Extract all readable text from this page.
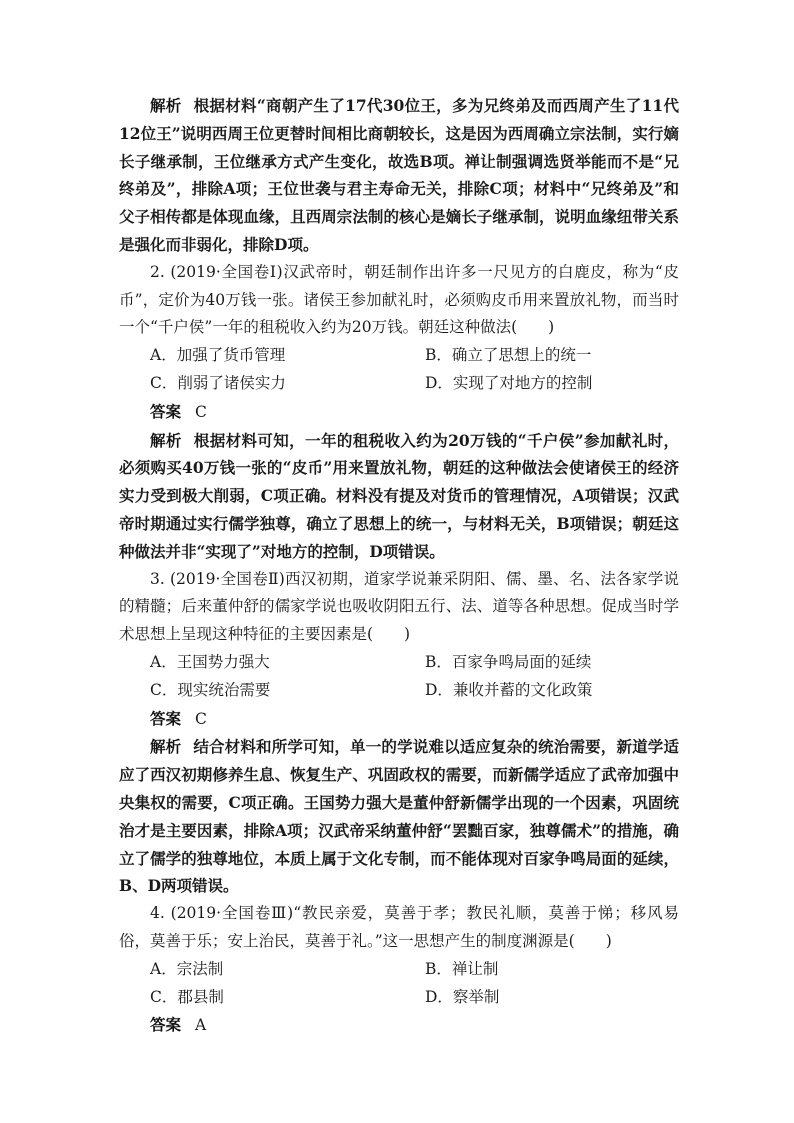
解析 根据材料“商朝产生了17代30位王，多为兄终弟及而西周产生了11代12位王”说明西周王位更替时间相比商朝较长，这是因为西周确立宗法制，实行嫡长子继承制，王位继承方式产生变化，故选B项。禅让制强调选贤举能而不是“兄终弟及”，排除A项；王位世袭与君主寿命无关，排除C项；材料中“兄终弟及”和父子相传都是体现血缘，且西周宗法制的核心是嫡长子继承制，说明血缘纽带关系是强化而非弱化，排除D项。

2. (2019·全国卷Ⅰ)汉武帝时，朝廷制作出许多一尺见方的白鹿皮，称为“皮币”，定价为40万钱一张。诸侯王参加献礼时，必须购皮币用来置放礼物，而当时一个“千户侯”一年的租税收入约为20万钱。朝廷这种做法(　　)

A．加强了货币管理	B．确立了思想上的统一
C．削弱了诸侯实力	D．实现了对地方的控制
答案 C

解析 根据材料可知，一年的租税收入约为20万钱的“千户侯”参加献礼时，必须购买40万钱一张的“皮币”用来置放礼物，朝廷的这种做法会使诸侯王的经济实力受到极大削弱，C项正确。材料没有提及对货币的管理情况，A项错误；汉武帝时期通过实行儒学独尊，确立了思想上的统一，与材料无关，B项错误；朝廷这种做法并非“实现了”对地方的控制，D项错误。

3. (2019·全国卷Ⅱ)西汉初期，道家学说兼采阴阳、儒、墨、名、法各家学说的精髓；后来董仲舒的儒家学说也吸收阴阳五行、法、道等各种思想。促成当时学术思想上呈现这种特征的主要因素是(　　)

A．王国势力强大	B．百家争鸣局面的延续
C．现实统治需要	D．兼收并蓄的文化政策
答案 C

解析 结合材料和所学可知，单一的学说难以适应复杂的统治需要，新道学适应了西汉初期修养生息、恢复生产、巩固政权的需要，而新儒学适应了武帝加强中央集权的需要，C项正确。王国势力强大是董仲舒新儒学出现的一个因素，巩固统治才是主要因素，排除A项；汉武帝采纳董仲舒“罢黜百家，独尊儒术”的措施，确立了儒学的独尊地位，本质上属于文化专制，而不能体现对百家争鸣局面的延续，B、D两项错误。

4. (2019·全国卷Ⅲ)“教民亲爱，莫善于孝；教民礼顺，莫善于悌；移风易俗，莫善于乐；安上治民，莫善于礼。”这一思想产生的制度渊源是(　　)

A．宗法制	B．禅让制
C．郡县制	D．察举制
答案 A
